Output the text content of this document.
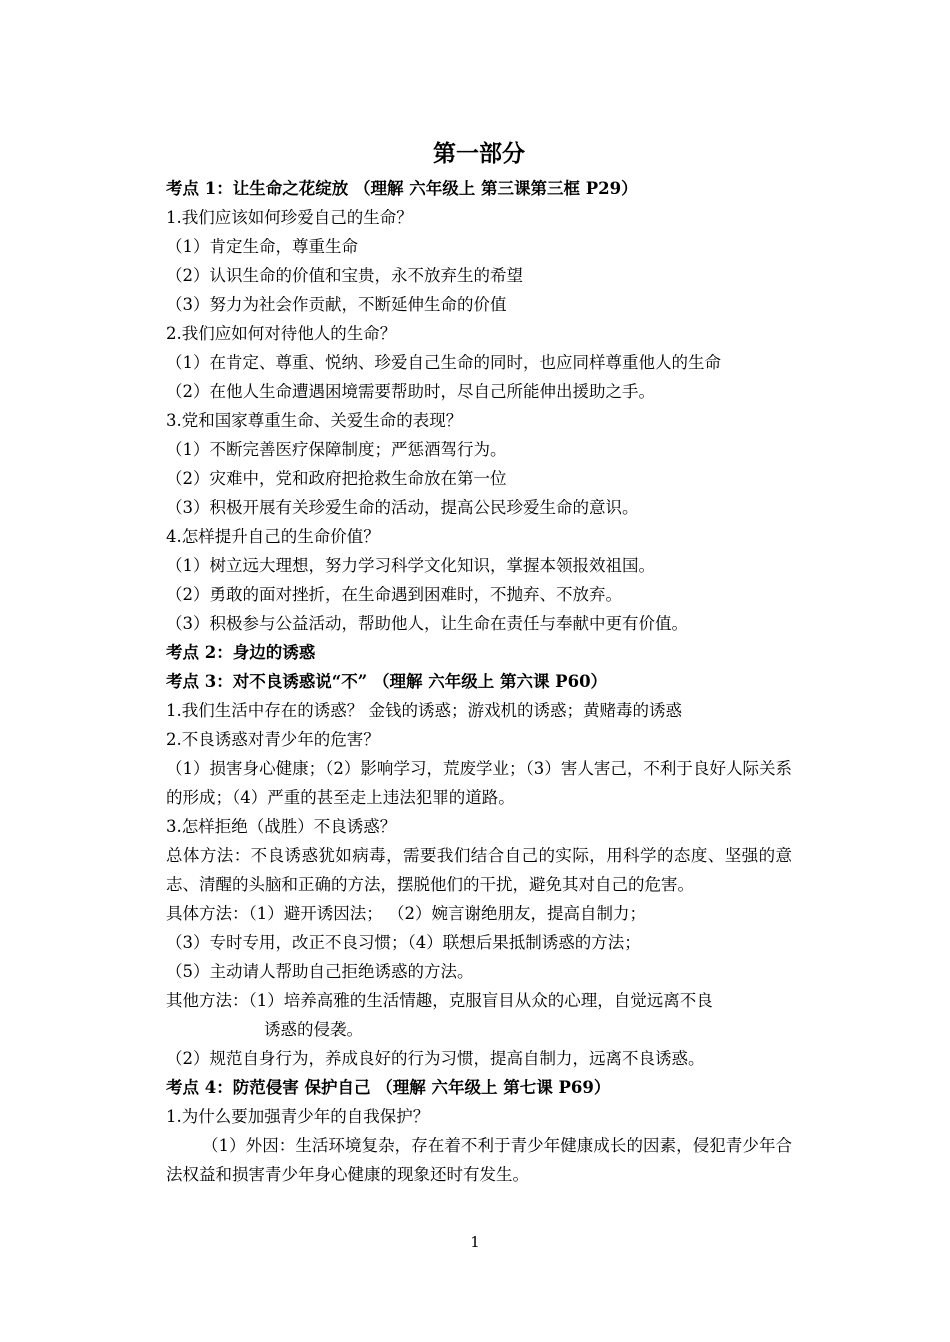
第一部分

考点 1：让生命之花绽放 （理解 六年级上 第三课第三框 P29）

1.我们应该如何珍爱自己的生命？

（1）肯定生命，尊重生命

（2）认识生命的价值和宝贵，永不放弃生的希望

（3）努力为社会作贡献，不断延伸生命的价值

2.我们应如何对待他人的生命？

（1）在肯定、尊重、悦纳、珍爱自己生命的同时，也应同样尊重他人的生命

（2）在他人生命遭遇困境需要帮助时，尽自己所能伸出援助之手。

3.党和国家尊重生命、关爱生命的表现？

（1）不断完善医疗保障制度；严惩酒驾行为。

（2）灾难中，党和政府把抢救生命放在第一位

（3）积极开展有关珍爱生命的活动，提高公民珍爱生命的意识。

4.怎样提升自己的生命价值？

（1）树立远大理想，努力学习科学文化知识，掌握本领报效祖国。

（2）勇敢的面对挫折，在生命遇到困难时，不抛弃、不放弃。

（3）积极参与公益活动，帮助他人，让生命在责任与奉献中更有价值。

考点 2：身边的诱惑

考点 3：对不良诱惑说“不” （理解 六年级上 第六课 P60）

1.我们生活中存在的诱惑？ 金钱的诱惑；游戏机的诱惑；黄赌毒的诱惑

2.不良诱惑对青少年的危害？

（1）损害身心健康；（2）影响学习，荒废学业；（3）害人害己，不利于良好人际关系的形成；（4）严重的甚至走上违法犯罪的道路。

3.怎样拒绝（战胜）不良诱惑？

总体方法：不良诱惑犹如病毒，需要我们结合自己的实际，用科学的态度、坚强的意志、清醒的头脑和正确的方法，摆脱他们的干扰，避免其对自己的危害。

具体方法：（1）避开诱因法； （2）婉言谢绝朋友，提高自制力；

（3）专时专用，改正不良习惯；（4）联想后果抵制诱惑的方法；

（5）主动请人帮助自己拒绝诱惑的方法。

其他方法：（1）培养高雅的生活情趣，克服盲目从众的心理，自觉远离不良

诱惑的侵袭。

（2）规范自身行为，养成良好的行为习惯，提高自制力，远离不良诱惑。

考点 4：防范侵害 保护自己 （理解 六年级上 第七课 P69）

1.为什么要加强青少年的自我保护？

（1）外因：生活环境复杂，存在着不利于青少年健康成长的因素，侵犯青少年合法权益和损害青少年身心健康的现象还时有发生。

1
